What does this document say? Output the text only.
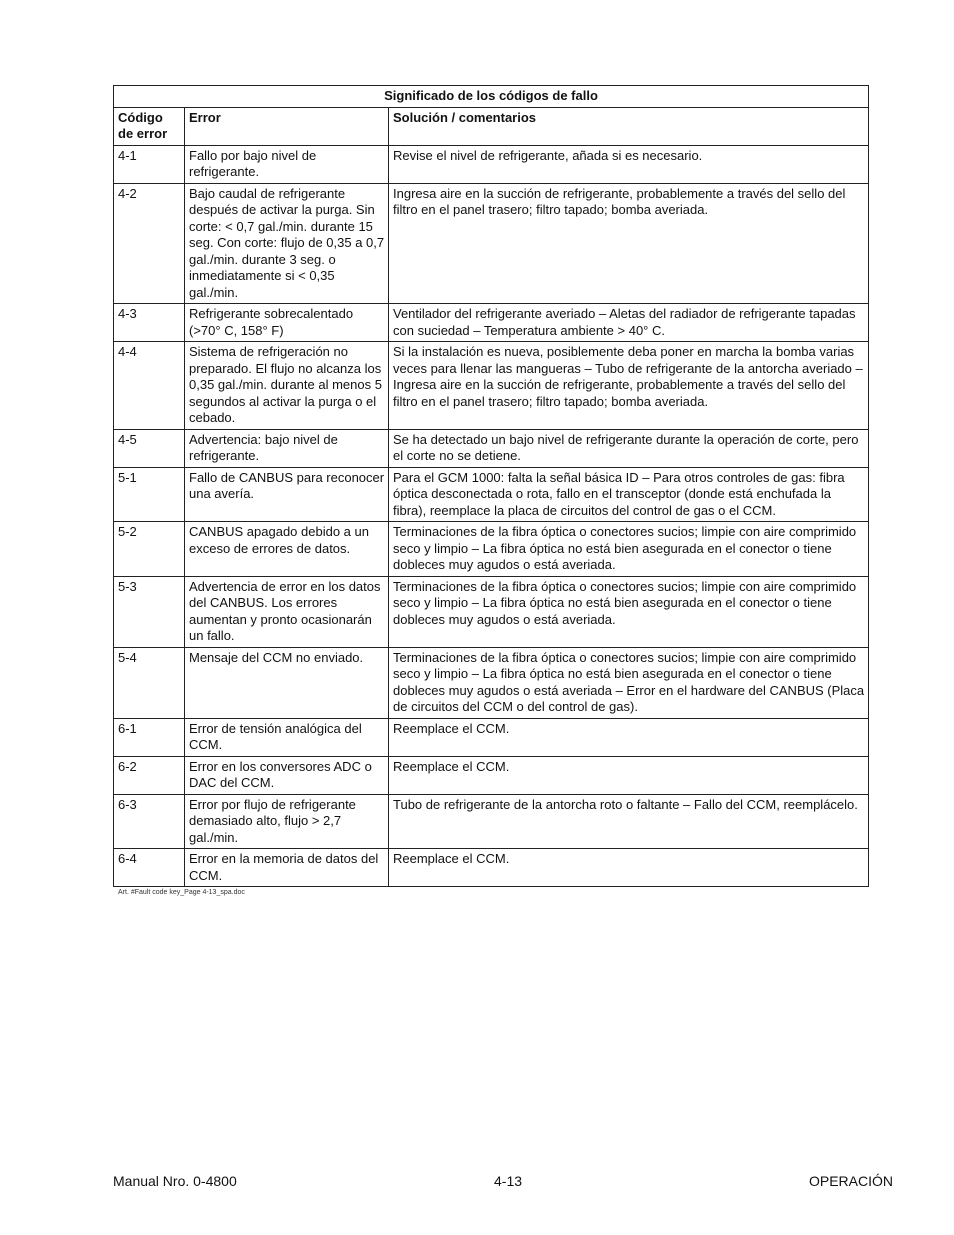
Significado de los códigos de fallo		
Código de error	Error	Solución / comentarios
4-1	Fallo por bajo nivel de refrigerante.	Revise el nivel de refrigerante, añada si es necesario.
4-2	Bajo caudal de refrigerante después de activar la purga. Sin corte: < 0,7 gal./min. durante 15 seg. Con corte: flujo de 0,35 a 0,7 gal./min. durante 3 seg. o inmediatamente si < 0,35 gal./min.	Ingresa aire en la succión de refrigerante, probablemente a través del sello del filtro en el panel trasero; filtro tapado; bomba averiada.
4-3	Refrigerante sobrecalentado (>70° C, 158° F)	Ventilador del refrigerante averiado – Aletas del radiador de refrigerante tapadas con suciedad – Temperatura ambiente > 40° C.
4-4	Sistema de refrigeración no preparado. El flujo no alcanza los 0,35 gal./min. durante al menos 5 segundos al activar la purga o el cebado.	Si la instalación es nueva, posiblemente deba poner en marcha la bomba varias veces para llenar las mangueras – Tubo de refrigerante de la antorcha averiado – Ingresa aire en la succión de refrigerante, probablemente a través del sello del filtro en el panel trasero; filtro tapado; bomba averiada.
4-5	Advertencia: bajo nivel de refrigerante.	Se ha detectado un bajo nivel de refrigerante durante la operación de corte, pero el corte no se detiene.
5-1	Fallo de CANBUS para reconocer una avería.	Para el GCM 1000: falta la señal básica ID – Para otros controles de gas: fibra óptica desconectada o rota, fallo en el transceptor (donde está enchufada la fibra), reemplace la placa de circuitos del control de gas o el CCM.
5-2	CANBUS apagado debido a un exceso de errores de datos.	Terminaciones de la fibra óptica o conectores sucios; limpie con aire comprimido seco y limpio – La fibra óptica no está bien asegurada en el conector o tiene dobleces muy agudos o está averiada.
5-3	Advertencia de error en los datos del CANBUS. Los errores aumentan y pronto ocasionarán un fallo.	Terminaciones de la fibra óptica o conectores sucios; limpie con aire comprimido seco y limpio – La fibra óptica no está bien asegurada en el conector o tiene dobleces muy agudos o está averiada.
5-4	Mensaje del CCM no enviado.	Terminaciones de la fibra óptica o conectores sucios; limpie con aire comprimido seco y limpio – La fibra óptica no está bien asegurada en el conector o tiene dobleces muy agudos o está averiada – Error en el hardware del CANBUS (Placa de circuitos del CCM o del control de gas).
6-1	Error de tensión analógica del CCM.	Reemplace el CCM.
6-2	Error en los conversores ADC o DAC del CCM.	Reemplace el CCM.
6-3	Error por flujo de refrigerante demasiado alto, flujo > 2,7 gal./min.	Tubo de refrigerante de la antorcha roto o faltante – Fallo del CCM, reemplácelo.
6-4	Error en la memoria de datos del CCM.	Reemplace el CCM.
Art. #Fault code key_Page 4-13_spa.doc
Manual Nro. 0-4800	4-13	OPERACIÓN
